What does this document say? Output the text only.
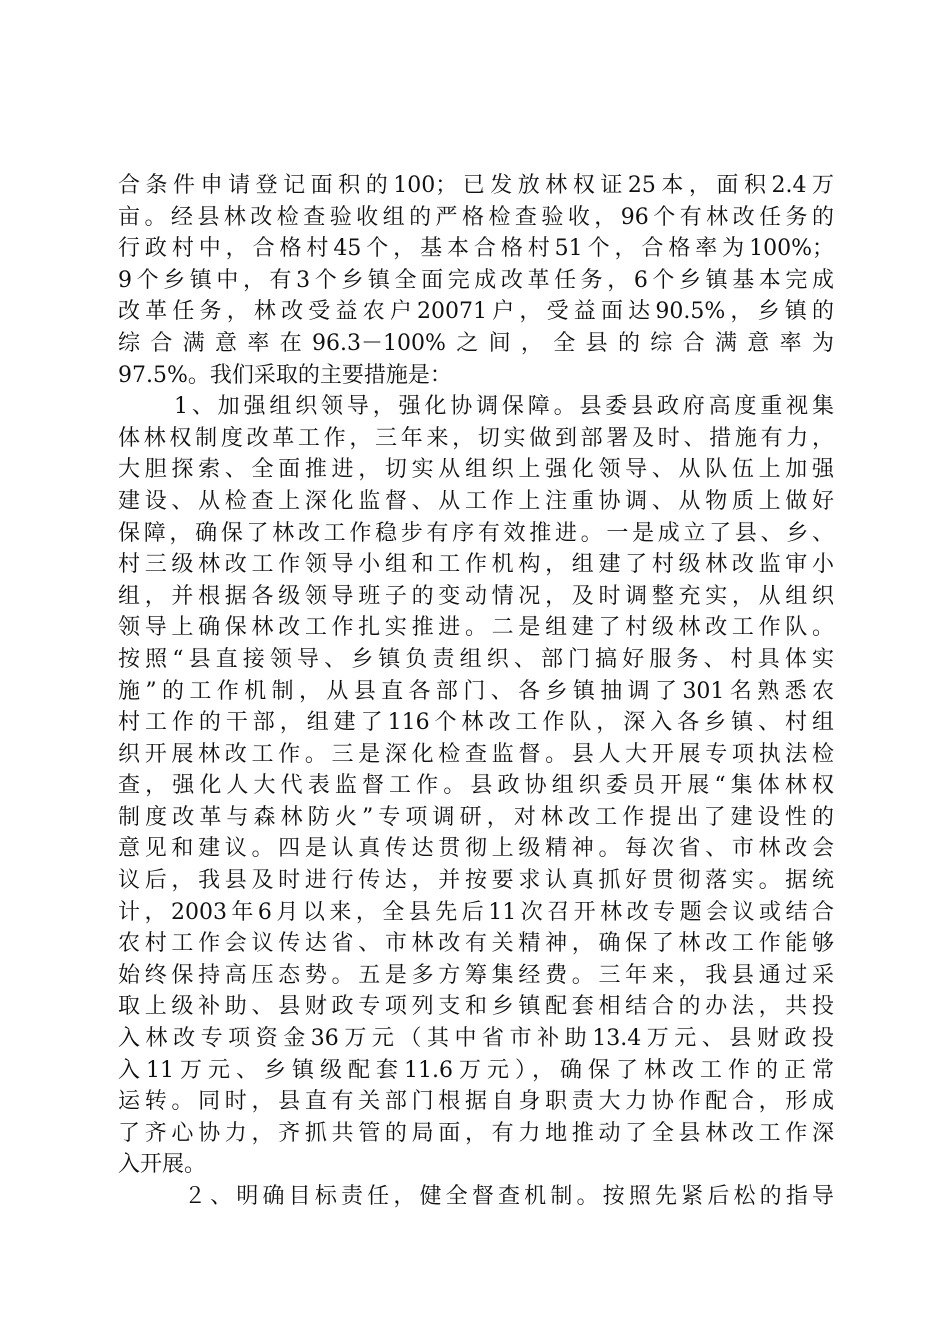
合条件申请登记面积的100；已发放林权证25本，面积2.4万
亩。经县林改检查验收组的严格检查验收，96个有林改任务的
行政村中，合格村45个，基本合格村51个，合格率为100%；
9个乡镇中，有3个乡镇全面完成改革任务，6个乡镇基本完成
改革任务，林改受益农户20071户，受益面达90.5%，乡镇的
综合满意率在96.3－100%之间，全县的综合满意率为
97.5%。我们采取的主要措施是：
1、加强组织领导，强化协调保障。县委县政府高度重视集
体林权制度改革工作，三年来，切实做到部署及时、措施有力，
大胆探索、全面推进，切实从组织上强化领导、从队伍上加强
建设、从检查上深化监督、从工作上注重协调、从物质上做好
保障，确保了林改工作稳步有序有效推进。一是成立了县、乡、
村三级林改工作领导小组和工作机构，组建了村级林改监审小
组，并根据各级领导班子的变动情况，及时调整充实，从组织
领导上确保林改工作扎实推进。二是组建了村级林改工作队。
按照“县直接领导、乡镇负责组织、部门搞好服务、村具体实
施”的工作机制，从县直各部门、各乡镇抽调了301名熟悉农
村工作的干部，组建了116个林改工作队，深入各乡镇、村组
织开展林改工作。三是深化检查监督。县人大开展专项执法检
查，强化人大代表监督工作。县政协组织委员开展“集体林权
制度改革与森林防火”专项调研，对林改工作提出了建设性的
意见和建议。四是认真传达贯彻上级精神。每次省、市林改会
议后，我县及时进行传达，并按要求认真抓好贯彻落实。据统
计，2003年6月以来，全县先后11次召开林改专题会议或结合
农村工作会议传达省、市林改有关精神，确保了林改工作能够
始终保持高压态势。五是多方筹集经费。三年来，我县通过采
取上级补助、县财政专项列支和乡镇配套相结合的办法，共投
入林改专项资金36万元（其中省市补助13.4万元、县财政投
入11万元、乡镇级配套11.6万元），确保了林改工作的正常
运转。同时，县直有关部门根据自身职责大力协作配合，形成
了齐心协力，齐抓共管的局面，有力地推动了全县林改工作深
入开展。
２、明确目标责任，健全督查机制。按照先紧后松的指导
